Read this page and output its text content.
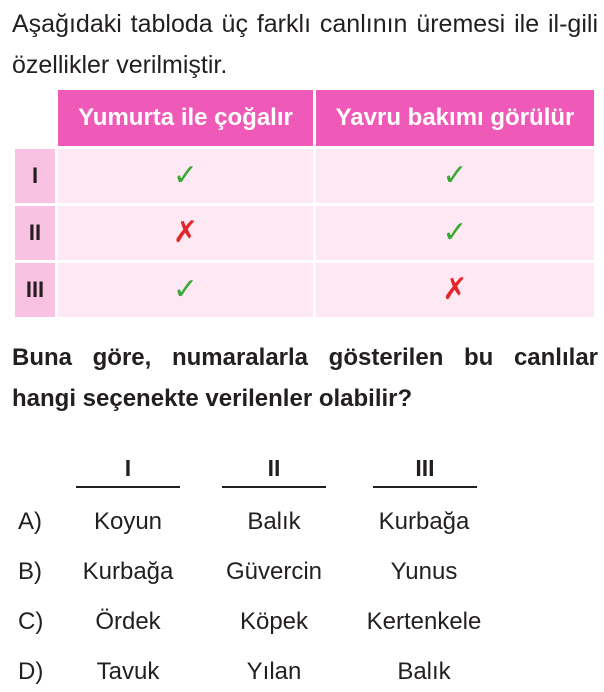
Aşağıdaki tabloda üç farklı canlının üremesi ile il-gili özellikler verilmiştir.
	Yumurta ile çoğalır	Yavru bakımı görülür
I	✓	✓
II	✗	✓
III	✓	✗
Buna göre, numaralarla gösterilen bu canlılar hangi seçenekte verilenler olabilir?
I	II	III
A)	Koyun	Balık	Kurbağa
B)	Kurbağa	Güvercin	Yunus
C)	Ördek	Köpek	Kertenkele
D)	Tavuk	Yılan	Balık
